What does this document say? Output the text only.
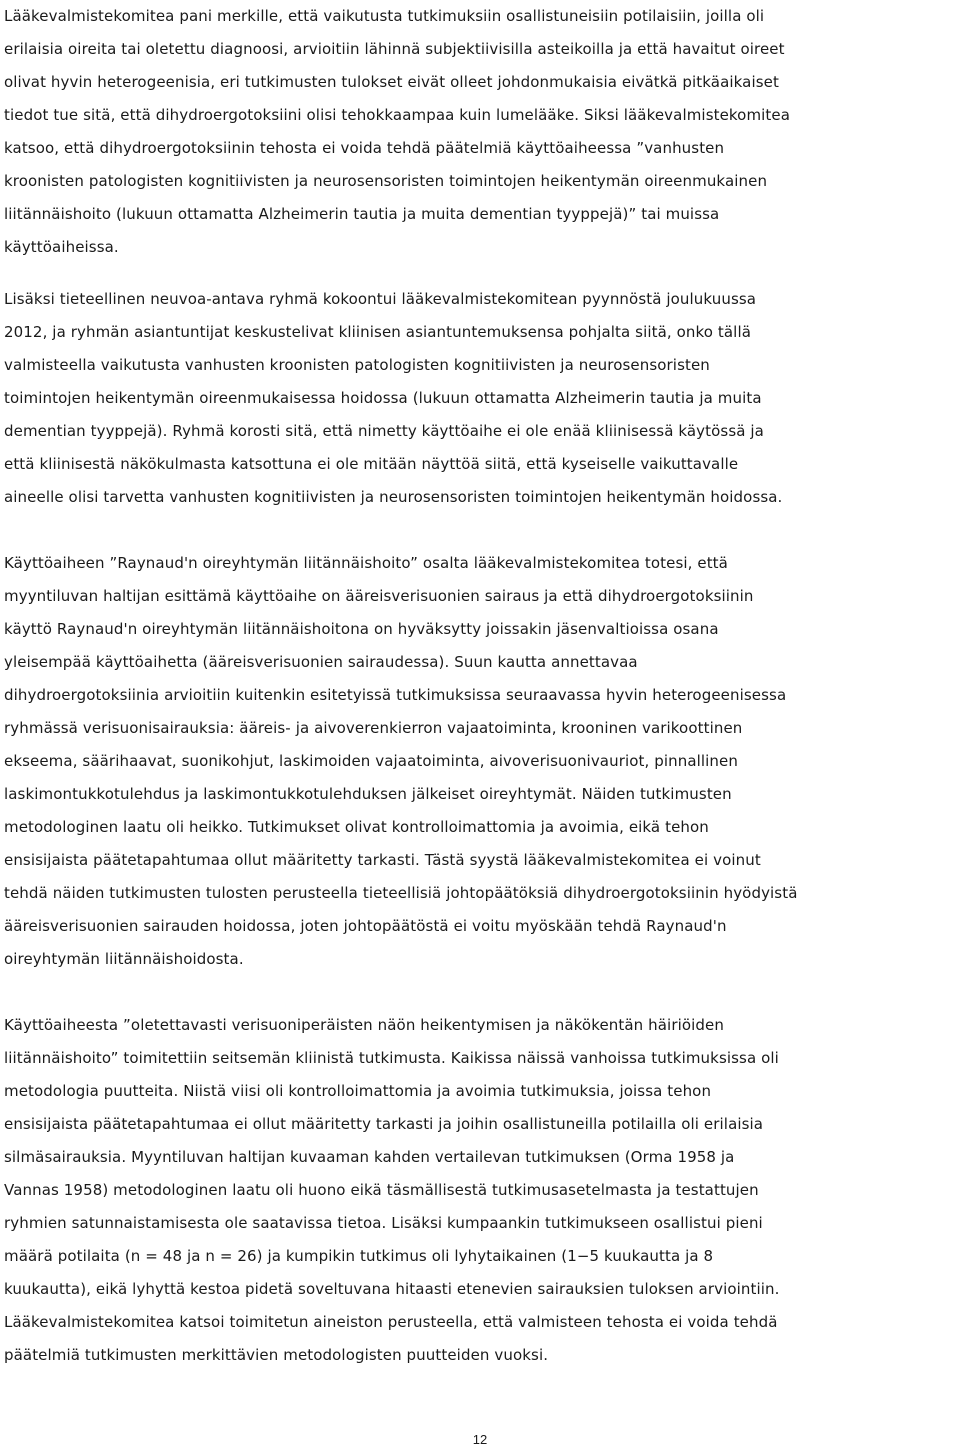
Lääkevalmistekomitea pani merkille, että vaikutusta tutkimuksiin osallistuneisiin potilaisiin, joilla oli
erilaisia oireita tai oletettu diagnoosi, arvioitiin lähinnä subjektiivisilla asteikoilla ja että havaitut oireet
olivat hyvin heterogeenisia, eri tutkimusten tulokset eivät olleet johdonmukaisia eivätkä pitkäaikaiset
tiedot tue sitä, että dihydroergotoksiini olisi tehokkaampaa kuin lumelääke. Siksi lääkevalmistekomitea
katsoo, että dihydroergotoksiinin tehosta ei voida tehdä päätelmiä käyttöaiheessa ”vanhusten
kroonisten patologisten kognitiivisten ja neurosensoristen toimintojen heikentymän oireenmukainen
liitännäishoito (lukuun ottamatta Alzheimerin tautia ja muita dementian tyyppejä)” tai muissa
käyttöaiheissa.

Lisäksi tieteellinen neuvoa-antava ryhmä kokoontui lääkevalmistekomitean pyynnöstä joulukuussa
2012, ja ryhmän asiantuntijat keskustelivat kliinisen asiantuntemuksensa pohjalta siitä, onko tällä
valmisteella vaikutusta vanhusten kroonisten patologisten kognitiivisten ja neurosensoristen
toimintojen heikentymän oireenmukaisessa hoidossa (lukuun ottamatta Alzheimerin tautia ja muita
dementian tyyppejä). Ryhmä korosti sitä, että nimetty käyttöaihe ei ole enää kliinisessä käytössä ja
että kliinisestä näkökulmasta katsottuna ei ole mitään näyttöä siitä, että kyseiselle vaikuttavalle
aineelle olisi tarvetta vanhusten kognitiivisten ja neurosensoristen toimintojen heikentymän hoidossa.

Käyttöaiheen ”Raynaud'n oireyhtymän liitännäishoito” osalta lääkevalmistekomitea totesi, että
myyntiluvan haltijan esittämä käyttöaihe on ääreisverisuonien sairaus ja että dihydroergotoksiinin
käyttö Raynaud'n oireyhtymän liitännäishoitona on hyväksytty joissakin jäsenvaltioissa osana
yleisempää käyttöaihetta (ääreisverisuonien sairaudessa). Suun kautta annettavaa
dihydroergotoksiinia arvioitiin kuitenkin esitetyissä tutkimuksissa seuraavassa hyvin heterogeenisessa
ryhmässä verisuonisairauksia: ääreis- ja aivoverenkierron vajaatoiminta, krooninen varikoottinen
ekseema, säärihaavat, suonikohjut, laskimoiden vajaatoiminta, aivoverisuonivauriot, pinnallinen
laskimontukkotulehdus ja laskimontukkotulehduksen jälkeiset oireyhtymät. Näiden tutkimusten
metodologinen laatu oli heikko. Tutkimukset olivat kontrolloimattomia ja avoimia, eikä tehon
ensisijaista päätetapahtumaa ollut määritetty tarkasti. Tästä syystä lääkevalmistekomitea ei voinut
tehdä näiden tutkimusten tulosten perusteella tieteellisiä johtopäätöksiä dihydroergotoksiinin hyödyistä
ääreisverisuonien sairauden hoidossa, joten johtopäätöstä ei voitu myöskään tehdä Raynaud'n
oireyhtymän liitännäishoidosta.

Käyttöaiheesta ”oletettavasti verisuoniperäisten näön heikentymisen ja näkökentän häiriöiden
liitännäishoito” toimitettiin seitsemän kliinistä tutkimusta. Kaikissa näissä vanhoissa tutkimuksissa oli
metodologia puutteita. Niistä viisi oli kontrolloimattomia ja avoimia tutkimuksia, joissa tehon
ensisijaista päätetapahtumaa ei ollut määritetty tarkasti ja joihin osallistuneilla potilailla oli erilaisia
silmäsairauksia. Myyntiluvan haltijan kuvaaman kahden vertailevan tutkimuksen (Orma 1958 ja
Vannas 1958) metodologinen laatu oli huono eikä täsmällisestä tutkimusasetelmasta ja testattujen
ryhmien satunnaistamisesta ole saatavissa tietoa. Lisäksi kumpaankin tutkimukseen osallistui pieni
määrä potilaita (n = 48 ja n = 26) ja kumpikin tutkimus oli lyhytaikainen (1−5 kuukautta ja 8
kuukautta), eikä lyhyttä kestoa pidetä soveltuvana hitaasti etenevien sairauksien tuloksen arviointiin.
Lääkevalmistekomitea katsoi toimitetun aineiston perusteella, että valmisteen tehosta ei voida tehdä
päätelmiä tutkimusten merkittävien metodologisten puutteiden vuoksi.

12
